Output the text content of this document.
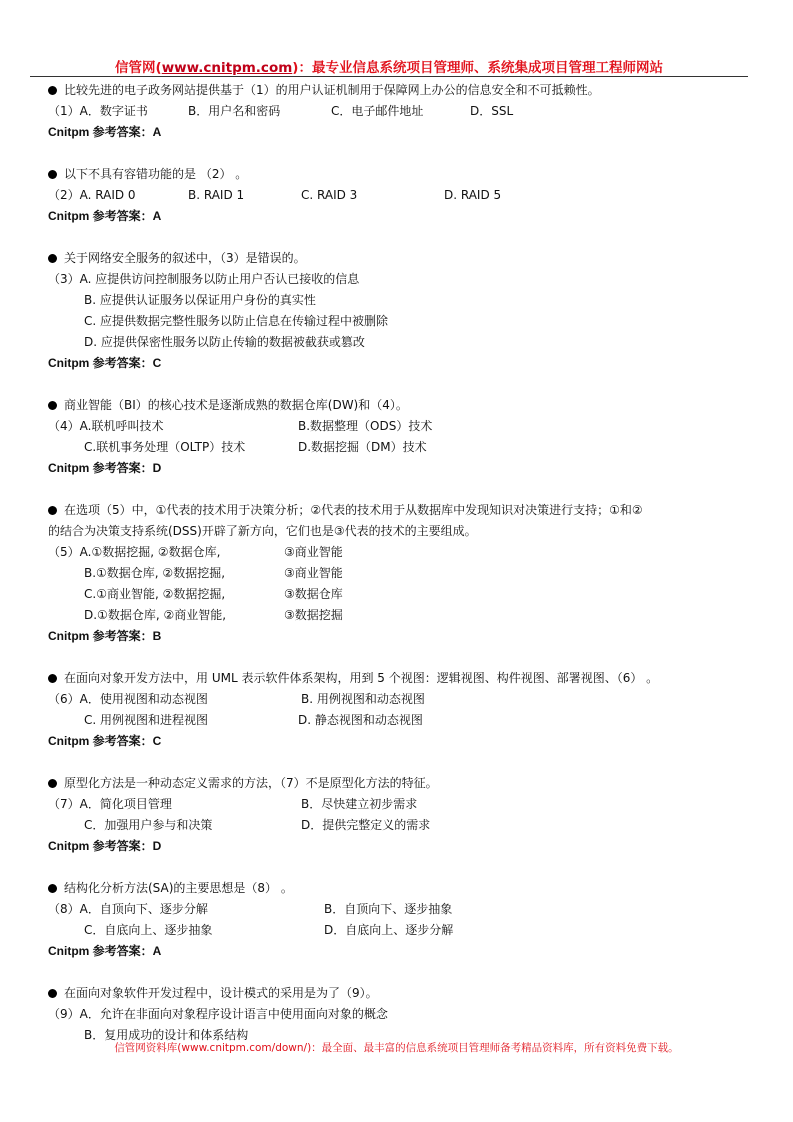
信管网(www.cnitpm.com)：最专业信息系统项目管理师、系统集成项目管理工程师网站
比较先进的电子政务网站提供基于（1）的用户认证机制用于保障网上办公的信息安全和不可抵赖性。
（1）A．数字证书	B．用户名和密码	C．电子邮件地址	D．SSL
Cnitpm 参考答案：A
以下不具有容错功能的是 （2） 。
（2）A. RAID 0	B. RAID 1	C. RAID 3	D. RAID 5
Cnitpm 参考答案：A
关于网络安全服务的叙述中，（3）是错误的。
（3）A. 应提供访问控制服务以防止用户否认已接收的信息
B. 应提供认证服务以保证用户身份的真实性
C. 应提供数据完整性服务以防止信息在传输过程中被删除
D. 应提供保密性服务以防止传输的数据被截获或篡改
Cnitpm 参考答案：C
商业智能（BI）的核心技术是逐渐成熟的数据仓库(DW)和（4）。
（4）A.联机呼叫技术	B.数据整理（ODS）技术
C.联机事务处理（OLTP）技术	D.数据挖掘（DM）技术
Cnitpm 参考答案：D
在选项（5）中，①代表的技术用于决策分析；②代表的技术用于从数据库中发现知识对决策进行支持；①和②
的结合为决策支持系统(DSS)开辟了新方向，它们也是③代表的技术的主要组成。
（5）A.①数据挖掘, ②数据仓库,	③商业智能
B.①数据仓库, ②数据挖掘,	③商业智能
C.①商业智能, ②数据挖掘,	③数据仓库
D.①数据仓库, ②商业智能,	③数据挖掘
Cnitpm 参考答案：B
在面向对象开发方法中，用 UML 表示软件体系架构，用到 5 个视图：逻辑视图、构件视图、部署视图、（6） 。
（6）A．使用视图和动态视图	B. 用例视图和动态视图
C. 用例视图和进程视图	D. 静态视图和动态视图
Cnitpm 参考答案：C
原型化方法是一种动态定义需求的方法，（7）不是原型化方法的特征。
（7）A．简化项目管理	B．尽快建立初步需求
C．加强用户参与和决策	D．提供完整定义的需求
Cnitpm 参考答案：D
结构化分析方法(SA)的主要思想是（8） 。
（8）A．自顶向下、逐步分解	B．自顶向下、逐步抽象
C．自底向上、逐步抽象	D．自底向上、逐步分解
Cnitpm 参考答案：A
在面向对象软件开发过程中，设计模式的采用是为了（9）。
（9）A．允许在非面向对象程序设计语言中使用面向对象的概念
B．复用成功的设计和体系结构
信管网资料库(www.cnitpm.com/down/)：最全面、最丰富的信息系统项目管理师备考精品资料库，所有资料免费下载。
